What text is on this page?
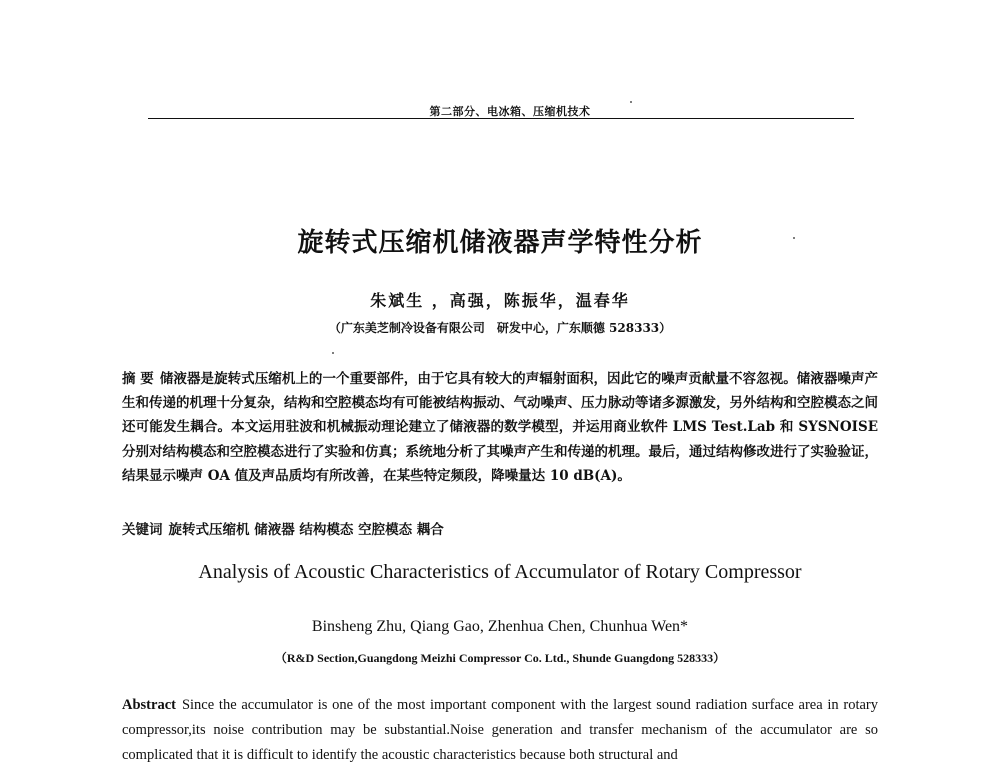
第二部分、电冰箱、压缩机技术
旋转式压缩机储液器声学特性分析
朱斌生 ，高强，陈振华，温春华
（广东美芝制冷设备有限公司　研发中心，广东顺德 528333）
摘 要 储液器是旋转式压缩机上的一个重要部件，由于它具有较大的声辐射面积，因此它的噪声贡献量不容忽视。储液器噪声产生和传递的机理十分复杂，结构和空腔模态均有可能被结构振动、气动噪声、压力脉动等诸多源激发，另外结构和空腔模态之间还可能发生耦合。本文运用驻波和机械振动理论建立了储液器的数学模型，并运用商业软件 LMS Test.Lab 和 SYSNOISE 分别对结构模态和空腔模态进行了实验和仿真；系统地分析了其噪声产生和传递的机理。最后，通过结构修改进行了实验验证，结果显示噪声 OA 值及声品质均有所改善，在某些特定频段，降噪量达 10 dB(A)。
关键词 旋转式压缩机 储液器 结构模态 空腔模态 耦合
Analysis of Acoustic Characteristics of Accumulator of Rotary Compressor
Binsheng Zhu, Qiang Gao, Zhenhua Chen, Chunhua Wen*
（R&D Section,Guangdong Meizhi Compressor Co. Ltd., Shunde Guangdong 528333）
Abstract Since the accumulator is one of the most important component with the largest sound radiation surface area in rotary compressor,its noise contribution may be substantial.Noise generation and transfer mechanism of the accumulator are so complicated that it is difficult to identify the acoustic characteristics because both structural and
